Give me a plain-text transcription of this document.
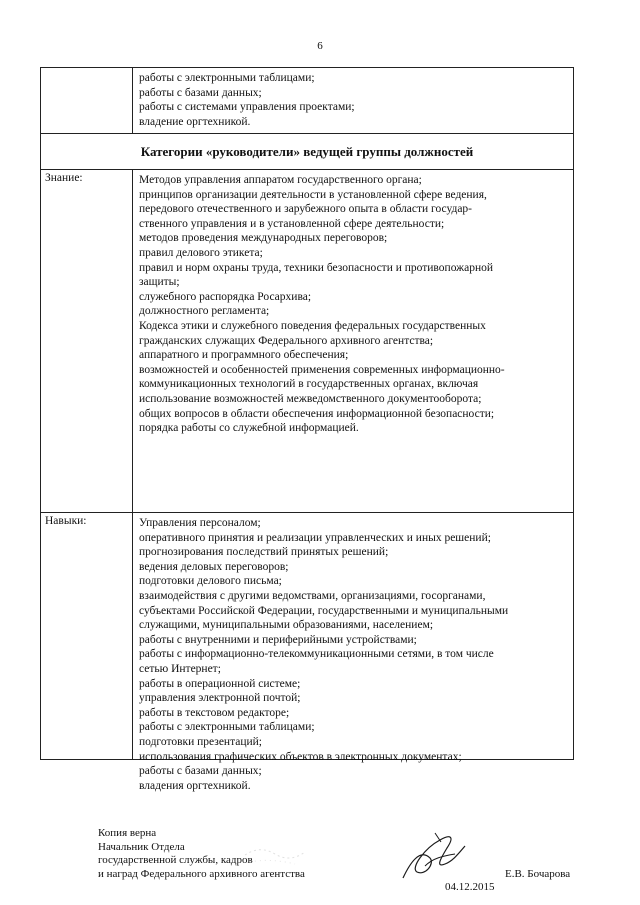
6
работы с электронными таблицами;
работы с базами данных;
работы с системами управления проектами;
владение оргтехникой.
Категории «руководители» ведущей группы должностей
Знание:	Методов управления аппаратом государственного органа;
принципов организации деятельности в установленной сфере ведения,
передового отечественного и зарубежного опыта в области государ-
ственного управления и в установленной сфере деятельности;
методов проведения международных переговоров;
правил делового этикета;
правил и норм охраны труда, техники безопасности и противопожарной
защиты;
служебного распорядка Росархива;
должностного регламента;
Кодекса этики и служебного поведения федеральных государственных
гражданских служащих Федерального архивного агентства;
аппаратного и программного обеспечения;
возможностей и особенностей применения современных информационно-
коммуникационных технологий в государственных органах, включая
использование возможностей межведомственного документооборота;
общих вопросов в области обеспечения информационной безопасности;
порядка работы со служебной информацией.
Навыки:	Управления персоналом;
оперативного принятия и реализации управленческих и иных решений;
прогнозирования последствий принятых решений;
ведения деловых переговоров;
подготовки делового письма;
взаимодействия с другими ведомствами, организациями, госорганами,
субъектами Российской Федерации, государственными и муниципальными
служащими, муниципальными образованиями, населением;
работы с внутренними и периферийными устройствами;
работы с информационно-телекоммуникационными сетями, в том числе
сетью Интернет;
работы в операционной системе;
управления электронной почтой;
работы в текстовом редакторе;
работы с электронными таблицами;
подготовки презентаций;
использования графических объектов в электронных документах;
работы с базами данных;
владения оргтехникой.
Копия верна
Начальник Отдела
государственной службы, кадров
и наград Федерального архивного агентства	Е.В. Бочарова
04.12.2015
